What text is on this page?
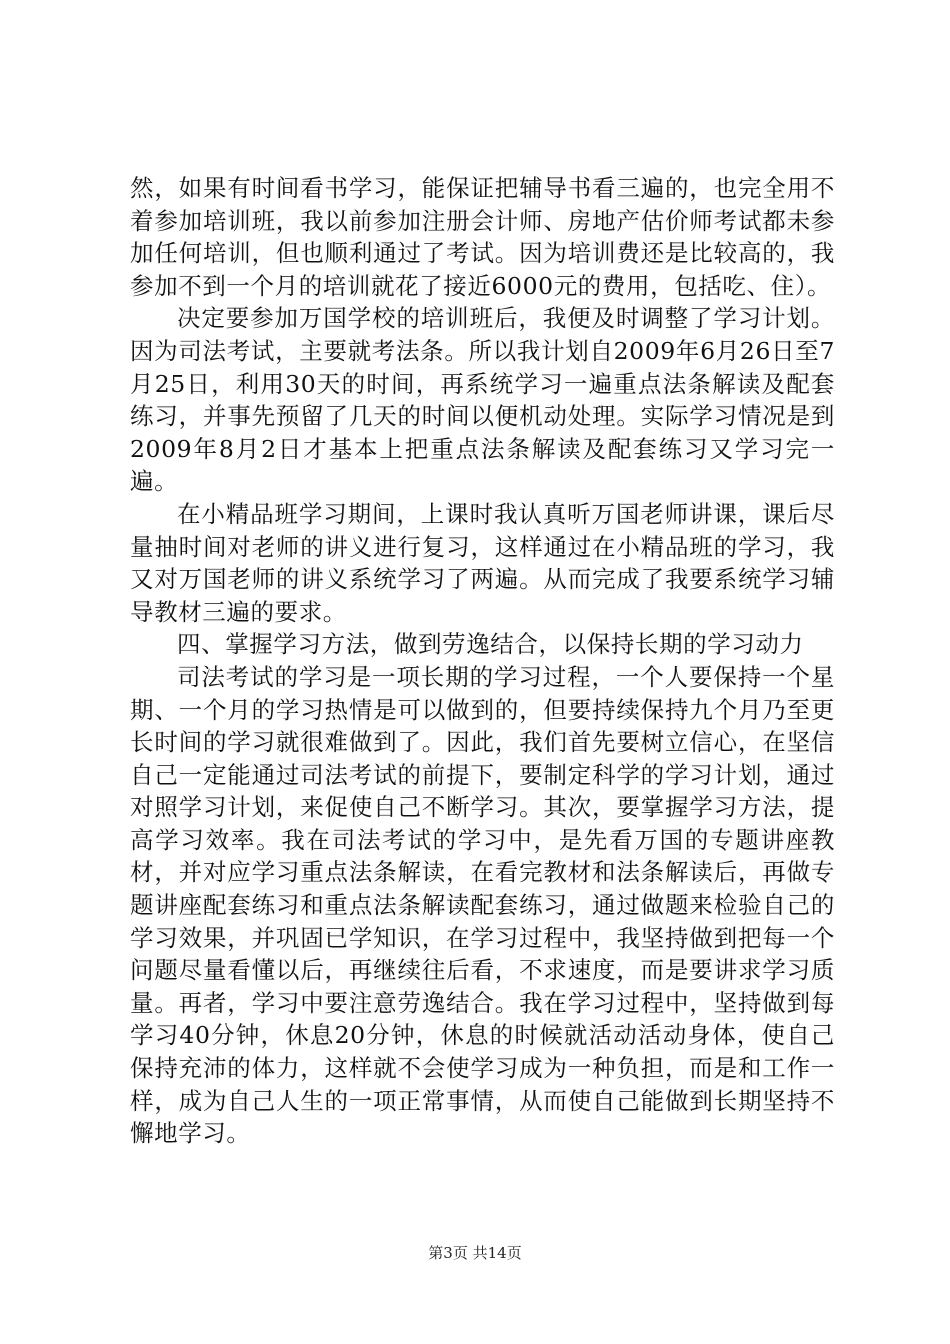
然，如果有时间看书学习，能保证把辅导书看三遍的，也完全用不着参加培训班，我以前参加注册会计师、房地产估价师考试都未参加任何培训，但也顺利通过了考试。因为培训费还是比较高的，我参加不到一个月的培训就花了接近6000元的费用，包括吃、住）。

决定要参加万国学校的培训班后，我便及时调整了学习计划。因为司法考试，主要就考法条。所以我计划自2009年6月26日至7月25日，利用30天的时间，再系统学习一遍重点法条解读及配套练习，并事先预留了几天的时间以便机动处理。实际学习情况是到2009年8月2日才基本上把重点法条解读及配套练习又学习完一遍。

在小精品班学习期间，上课时我认真听万国老师讲课，课后尽量抽时间对老师的讲义进行复习，这样通过在小精品班的学习，我又对万国老师的讲义系统学习了两遍。从而完成了我要系统学习辅导教材三遍的要求。

四、掌握学习方法，做到劳逸结合，以保持长期的学习动力

司法考试的学习是一项长期的学习过程，一个人要保持一个星期、一个月的学习热情是可以做到的，但要持续保持九个月乃至更长时间的学习就很难做到了。因此，我们首先要树立信心，在坚信自己一定能通过司法考试的前提下，要制定科学的学习计划，通过对照学习计划，来促使自己不断学习。其次，要掌握学习方法，提高学习效率。我在司法考试的学习中，是先看万国的专题讲座教材，并对应学习重点法条解读，在看完教材和法条解读后，再做专题讲座配套练习和重点法条解读配套练习，通过做题来检验自己的学习效果，并巩固已学知识，在学习过程中，我坚持做到把每一个问题尽量看懂以后，再继续往后看，不求速度，而是要讲求学习质量。再者，学习中要注意劳逸结合。我在学习过程中，坚持做到每学习40分钟，休息20分钟，休息的时候就活动活动身体，使自己保持充沛的体力，这样就不会使学习成为一种负担，而是和工作一样，成为自己人生的一项正常事情，从而使自己能做到长期坚持不懈地学习。

第3页 共14页
